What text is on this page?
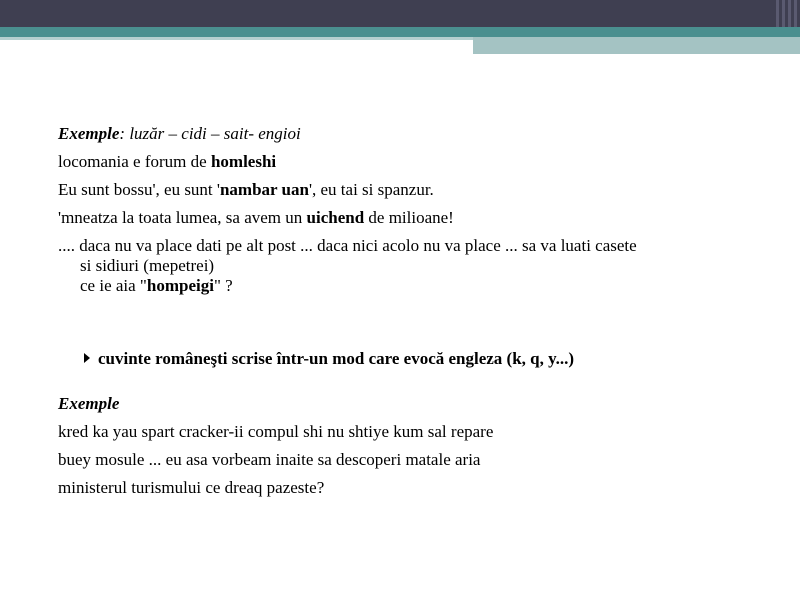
Exemple: luzăr – cidi – sait- engioi

locomania e forum de homleshi

Eu sunt bossu', eu sunt 'nambar uan', eu tai si spanzur.

'mneatza la toata lumea, sa avem un uichend de milioane!

.... daca nu va place dati pe alt post ... daca nici acolo nu va place ... sa va luati casete
si sidiuri (mepetrei)

ce ie aia "hompeigi" ?

cuvinte româneşti scrise într-un mod care evocă engleza (k, q, y...)

Exemple

kred ka yau spart cracker-ii compul shi nu shtiye kum sal repare

buey mosule ... eu asa vorbeam inaite sa descoperi matale aria

ministerul turismului ce dreaq pazeste?
